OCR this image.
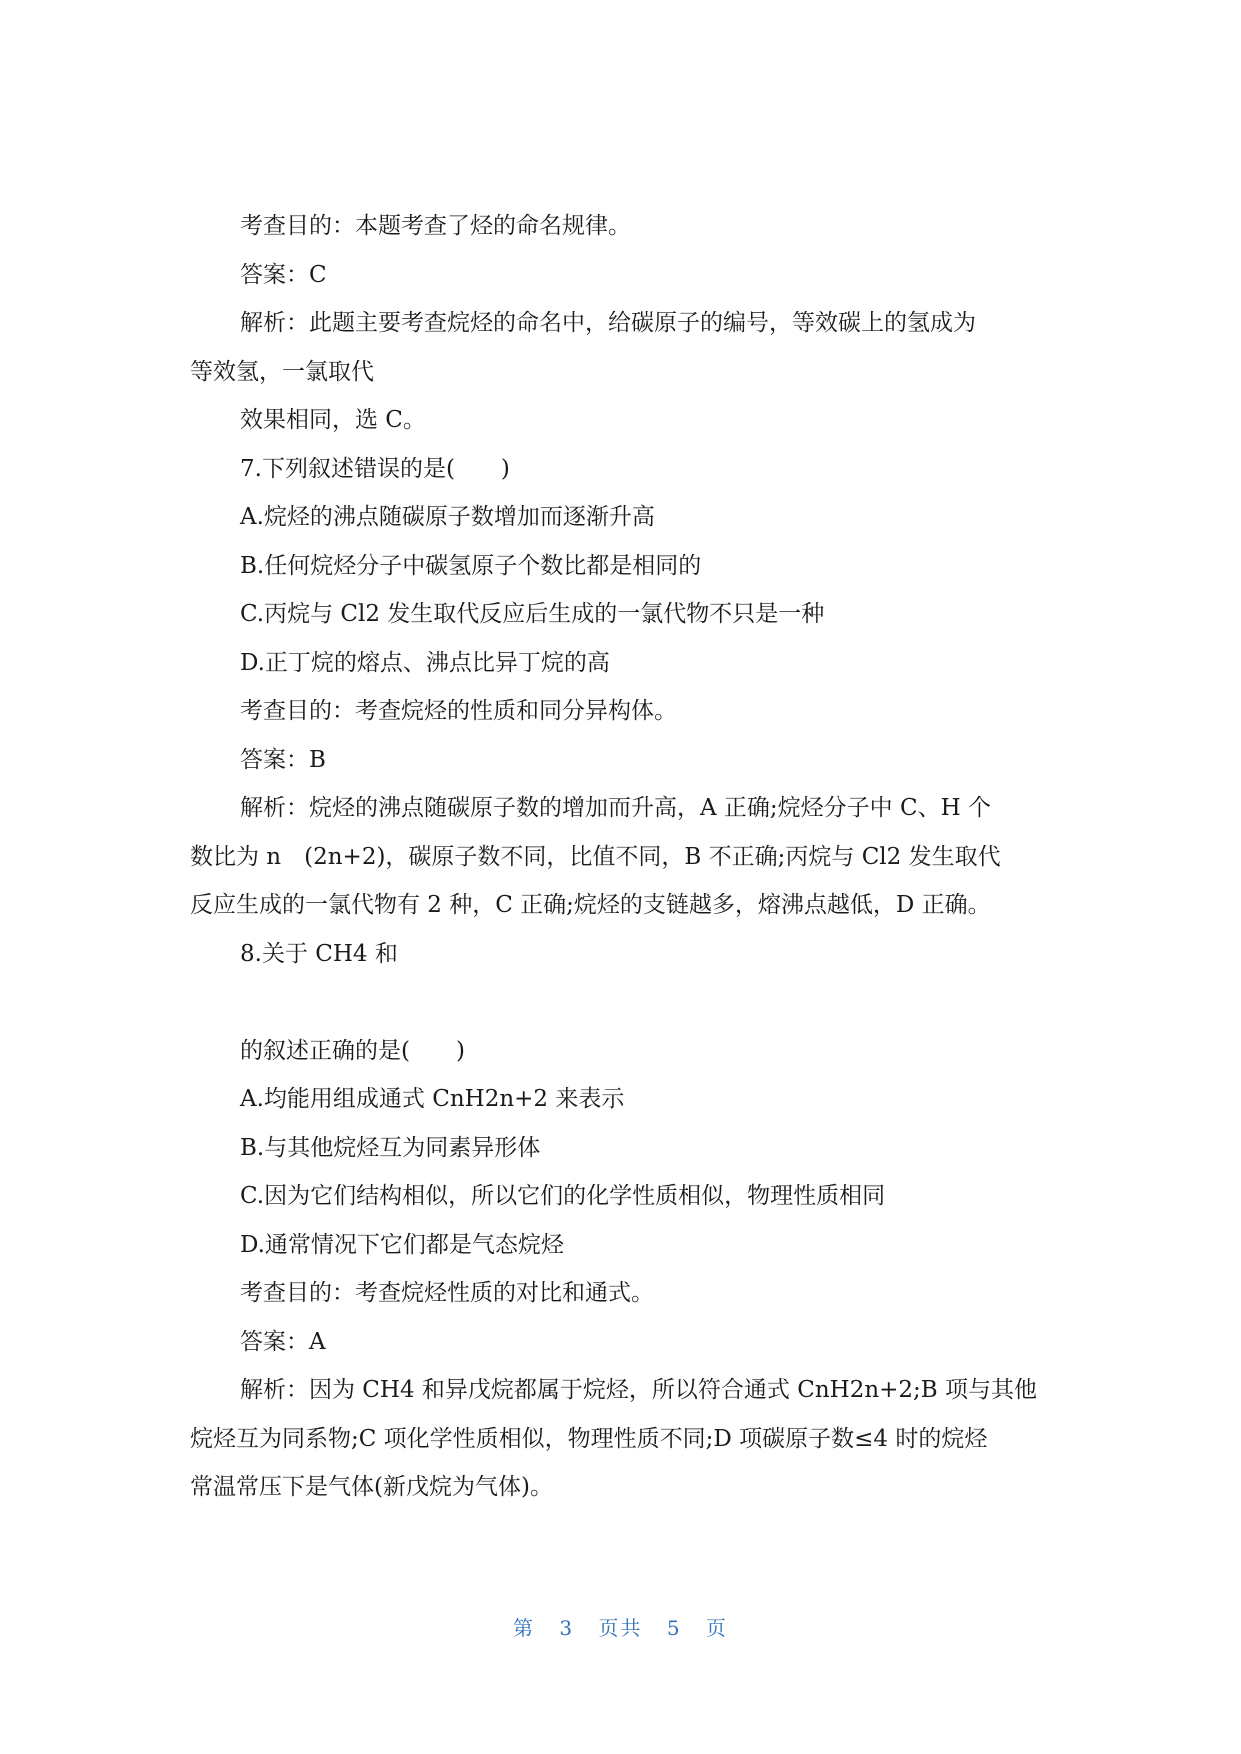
考查目的：本题考查了烃的命名规律。
答案：C
解析：此题主要考查烷烃的命名中，给碳原子的编号，等效碳上的氢成为
等效氢，一氯取代
效果相同，选 C。
7.下列叙述错误的是(　　)
A.烷烃的沸点随碳原子数增加而逐渐升高
B.任何烷烃分子中碳氢原子个数比都是相同的
C.丙烷与 Cl2 发生取代反应后生成的一氯代物不只是一种
D.正丁烷的熔点、沸点比异丁烷的高
考查目的：考查烷烃的性质和同分异构体。
答案：B
解析：烷烃的沸点随碳原子数的增加而升高，A 正确;烷烃分子中 C、H 个
数比为 n　(2n+2)，碳原子数不同，比值不同，B 不正确;丙烷与 Cl2 发生取代
反应生成的一氯代物有 2 种，C 正确;烷烃的支链越多，熔沸点越低，D 正确。
8.关于 CH4 和
的叙述正确的是(　　)
A.均能用组成通式 CnH2n+2 来表示
B.与其他烷烃互为同素异形体
C.因为它们结构相似，所以它们的化学性质相似，物理性质相同
D.通常情况下它们都是气态烷烃
考查目的：考查烷烃性质的对比和通式。
答案：A
解析：因为 CH4 和异戊烷都属于烷烃，所以符合通式 CnH2n+2;B 项与其他
烷烃互为同系物;C 项化学性质相似，物理性质不同;D 项碳原子数≤4 时的烷烃
常温常压下是气体(新戊烷为气体)。
第 3 页共 5 页
